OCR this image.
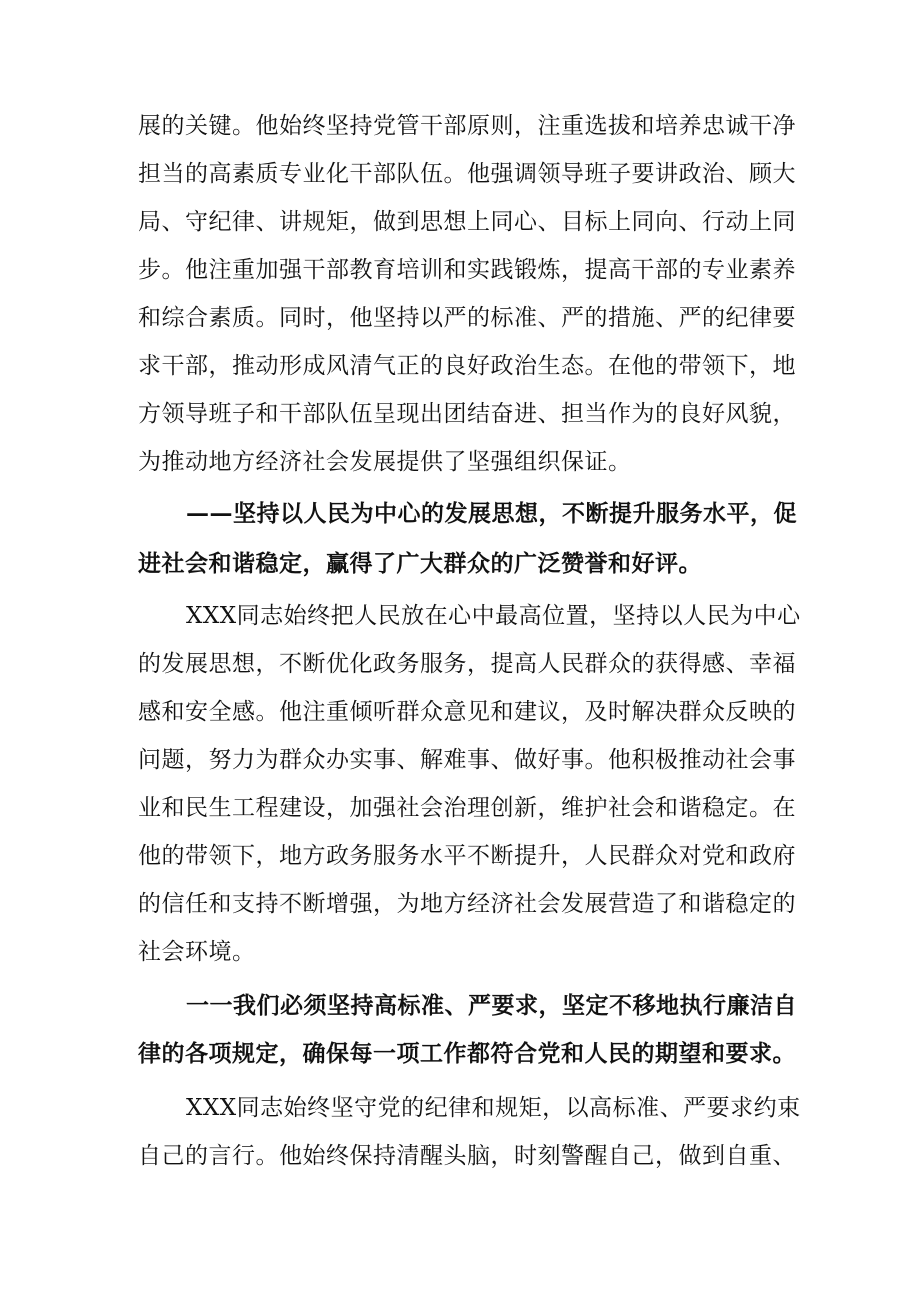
展的关键。他始终坚持党管干部原则，注重选拔和培养忠诚干净
担当的高素质专业化干部队伍。他强调领导班子要讲政治、顾大
局、守纪律、讲规矩，做到思想上同心、目标上同向、行动上同
步。他注重加强干部教育培训和实践锻炼，提高干部的专业素养
和综合素质。同时，他坚持以严的标准、严的措施、严的纪律要
求干部，推动形成风清气正的良好政治生态。在他的带领下，地
方领导班子和干部队伍呈现出团结奋进、担当作为的良好风貌，
为推动地方经济社会发展提供了坚强组织保证。
——坚持以人民为中心的发展思想，不断提升服务水平，促
进社会和谐稳定，赢得了广大群众的广泛赞誉和好评。
XXX同志始终把人民放在心中最高位置，坚持以人民为中心
的发展思想，不断优化政务服务，提高人民群众的获得感、幸福
感和安全感。他注重倾听群众意见和建议，及时解决群众反映的
问题，努力为群众办实事、解难事、做好事。他积极推动社会事
业和民生工程建设，加强社会治理创新，维护社会和谐稳定。在
他的带领下，地方政务服务水平不断提升，人民群众对党和政府
的信任和支持不断增强，为地方经济社会发展营造了和谐稳定的
社会环境。
一一我们必须坚持高标准、严要求，坚定不移地执行廉洁自
律的各项规定，确保每一项工作都符合党和人民的期望和要求。
XXX同志始终坚守党的纪律和规矩，以高标准、严要求约束
自己的言行。他始终保持清醒头脑，时刻警醒自己，做到自重、
